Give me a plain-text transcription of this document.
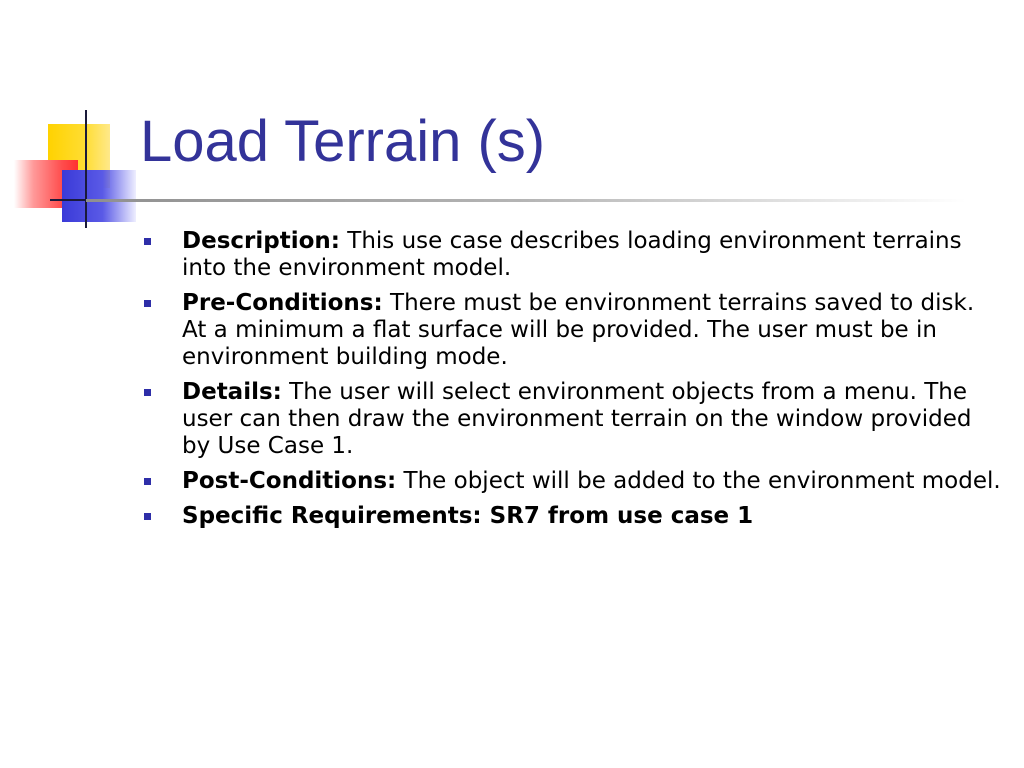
Load Terrain (s)
Description: This use case describes loading environment terrains into the environment model.
Pre-Conditions: There must be environment terrains saved to disk. At a minimum a flat surface will be provided. The user must be in environment building mode.
Details: The user will select environment objects from a menu. The user can then draw the environment terrain on the window provided by Use Case 1.
Post-Conditions: The object will be added to the environment model.
Specific Requirements: SR7 from use case 1
